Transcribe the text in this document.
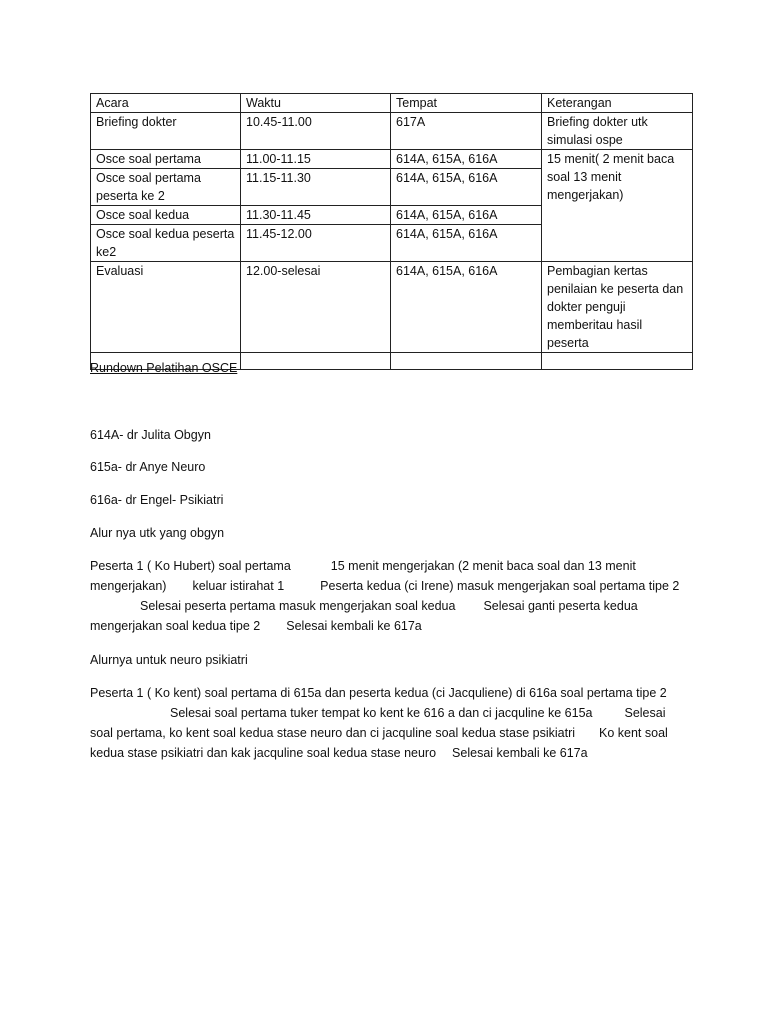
Acara	Waktu	Tempat	Keterangan
Briefing dokter	10.45-11.00	617A	Briefing dokter utk simulasi ospe
Osce soal pertama	11.00-11.15	614A, 615A, 616A	15 menit( 2 menit baca soal 13 menit mengerjakan)
Osce soal pertama peserta ke 2	11.15-11.30	614A, 615A, 616A	
Osce soal kedua	11.30-11.45	614A, 615A, 616A	
Osce soal kedua peserta ke2	11.45-12.00	614A, 615A, 616A	
Evaluasi	12.00-selesai	614A, 615A, 616A	Pembagian kertas penilaian ke peserta dan dokter penguji memberitau hasil peserta

Rundown Pelatihan OSCE
614A- dr Julita Obgyn
615a- dr Anye Neuro
616a- dr Engel- Psikiatri
Alur nya utk yang obgyn
Peserta 1 ( Ko Hubert) soal pertama	15 menit mengerjakan (2 menit baca soal dan 13 menit mengerjakan) keluar istirahat 1	Peserta kedua (ci Irene) masuk mengerjakan soal pertama tipe 2Selesai peserta pertama masuk mengerjakan soal kedua Selesai ganti peserta kedua mengerjakan soal kedua tipe 2 Selesai kembali ke 617a
Alurnya untuk neuro psikiatri
Peserta 1 ( Ko kent) soal pertama di 615a dan peserta kedua (ci Jacquliene) di 616a soal pertama tipe 2Selesai soal pertama tuker tempat ko kent ke 616 a dan ci jacquline ke 615a	Selesai soal pertama, ko kent soal kedua stase neuro dan ci jacquline soal kedua stase psikiatri Ko kent soal kedua stase psikiatri dan kak jacquline soal kedua stase neuro Selesai kembali ke 617a
